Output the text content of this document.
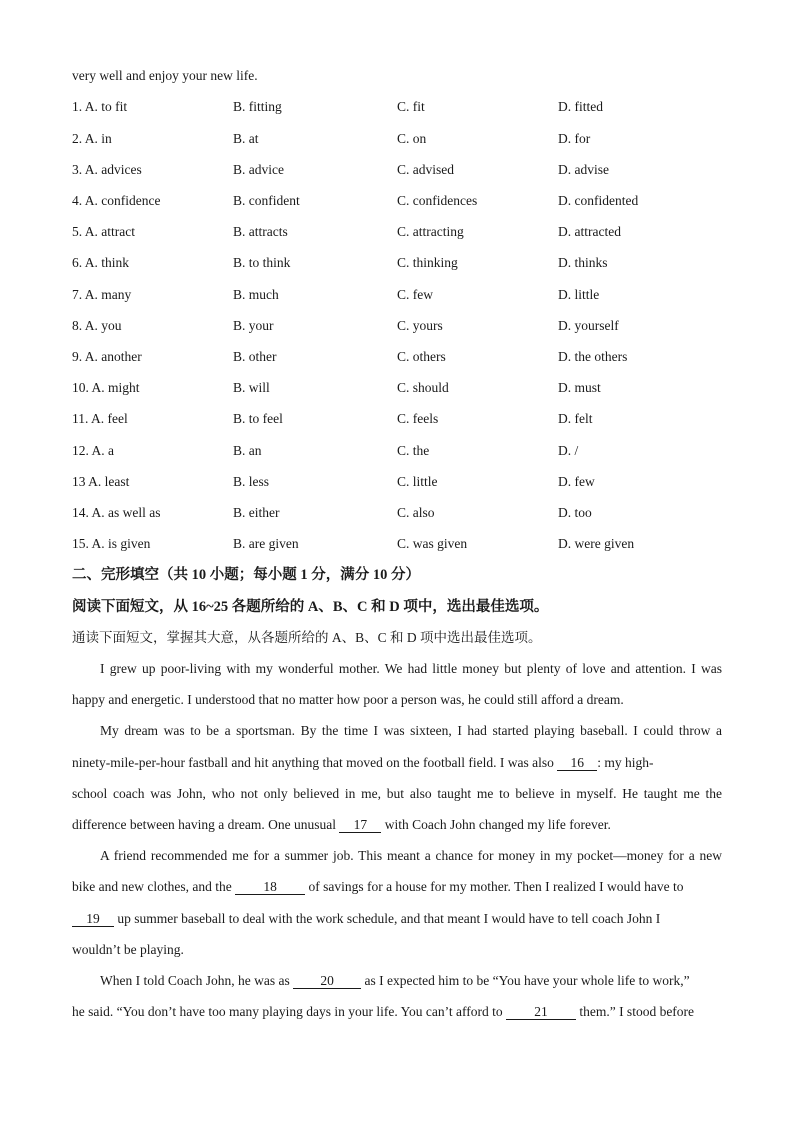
very well and enjoy your new life.
1. A. to fit	B. fitting	C. fit	D. fitted
2. A. in	B. at	C. on	D. for
3. A. advices	B. advice	C. advised	D. advise
4. A. confidence	B. confident	C. confidences	D. confidented
5. A. attract	B. attracts	C. attracting	D. attracted
6. A. think	B. to think	C. thinking	D. thinks
7. A. many	B. much	C. few	D. little
8. A. you	B. your	C. yours	D. yourself
9. A. another	B. other	C. others	D. the others
10. A. might	B. will	C. should	D. must
11. A. feel	B. to feel	C. feels	D. felt
12. A. a	B. an	C. the	D. /
13 A. least	B. less	C. little	D. few
14. A. as well as	B. either	C. also	D. too
15. A. is given	B. are given	C. was given	D. were given
二、完形填空（共 10 小题；每小题 1 分，满分 10 分）
阅读下面短文，从 16~25 各题所给的 A、B、C 和 D 项中，选出最佳选项。
通读下面短文，掌握其大意，从各题所给的 A、B、C 和 D 项中选出最佳选项。
I grew up poor-living with my wonderful mother. We had little money but plenty of love and attention. I was
happy and energetic. I understood that no matter how poor a person was, he could still afford a dream.
My dream was to be a sportsman. By the time I was sixteen, I had started playing baseball. I could throw a
ninety-mile-per-hour fastball and hit anything that moved on the football field. I was also 16 : my high-
school coach was John, who not only believed in me, but also taught me to believe in myself. He taught me the
difference between having a dream. One unusual 17 with Coach John changed my life forever.
A friend recommended me for a summer job. This meant a chance for money in my pocket—money for a new
bike and new clothes, and the 18 of savings for a house for my mother. Then I realized I would have to
19 up summer baseball to deal with the work schedule, and that meant I would have to tell coach John I
wouldn’t be playing.
When I told Coach John, he was as 20 as I expected him to be “You have your whole life to work,”
he said. “You don’t have too many playing days in your life. You can’t afford to 21 them.” I stood before
